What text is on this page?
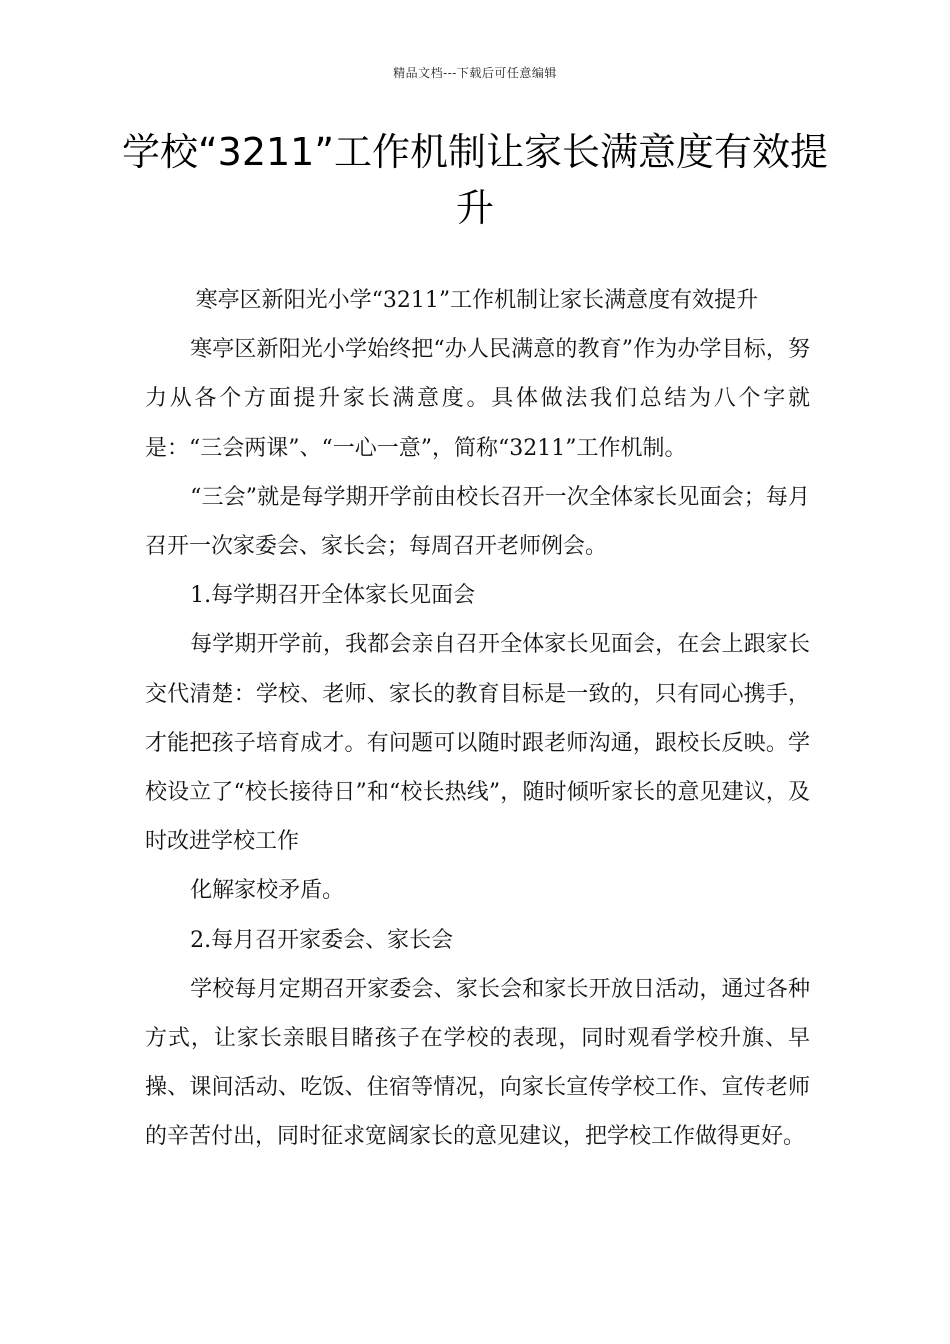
精品文档---下载后可任意编辑
学校“3211”工作机制让家长满意度有效提升

寒亭区新阳光小学“3211”工作机制让家长满意度有效提升

寒亭区新阳光小学始终把“办人民满意的教育”作为办学目标，努力从各个方面提升家长满意度。具体做法我们总结为八个字就是：“三会两课”、“一心一意”，简称“3211”工作机制。

“三会”就是每学期开学前由校长召开一次全体家长见面会；每月召开一次家委会、家长会；每周召开老师例会。

1.每学期召开全体家长见面会

每学期开学前，我都会亲自召开全体家长见面会，在会上跟家长交代清楚：学校、老师、家长的教育目标是一致的，只有同心携手，才能把孩子培育成才。有问题可以随时跟老师沟通，跟校长反映。学校设立了“校长接待日”和“校长热线”，随时倾听家长的意见建议，及时改进学校工作

化解家校矛盾。

2.每月召开家委会、家长会

学校每月定期召开家委会、家长会和家长开放日活动，通过各种方式，让家长亲眼目睹孩子在学校的表现，同时观看学校升旗、早操、课间活动、吃饭、住宿等情况，向家长宣传学校工作、宣传老师的辛苦付出，同时征求宽阔家长的意见建议，把学校工作做得更好。
